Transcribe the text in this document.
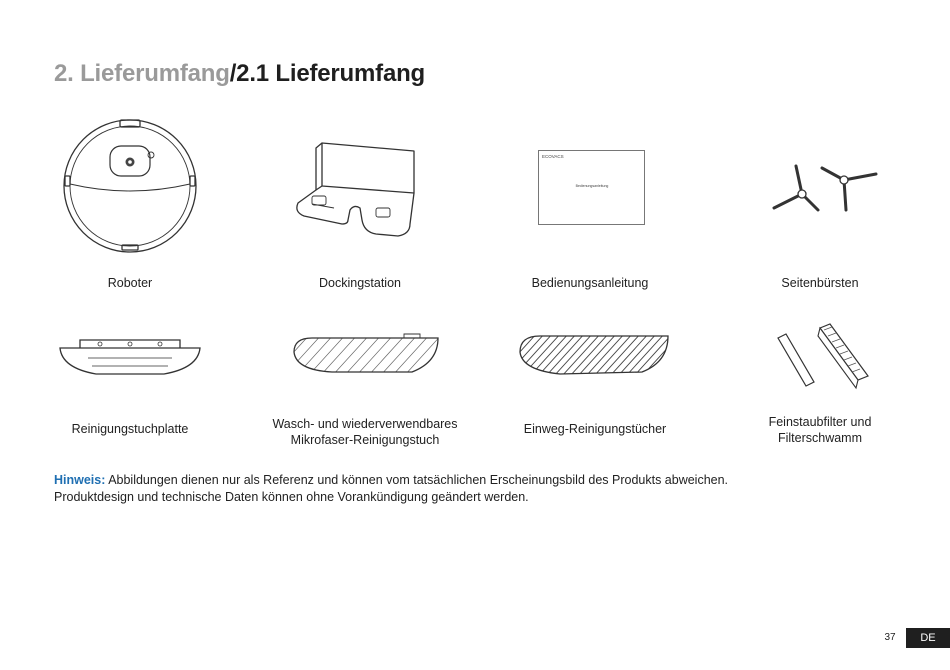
2. Lieferumfang/2.1 Lieferumfang
Roboter	Dockingstation
ECOVACS
Bedienungsanleitung
Bedienungsanleitung	Seitenbürsten
Reinigungstuchplatte	Wasch- und wiederverwendbares
Mikrofaser-Reinigungstuch
Einweg-Reinigungstücher	Feinstaubfilter und
Filterschwamm
Hinweis: Abbildungen dienen nur als Referenz und können vom tatsächlichen Erscheinungsbild des Produkts abweichen.
Produktdesign und technische Daten können ohne Vorankündigung geändert werden.
37	DE
